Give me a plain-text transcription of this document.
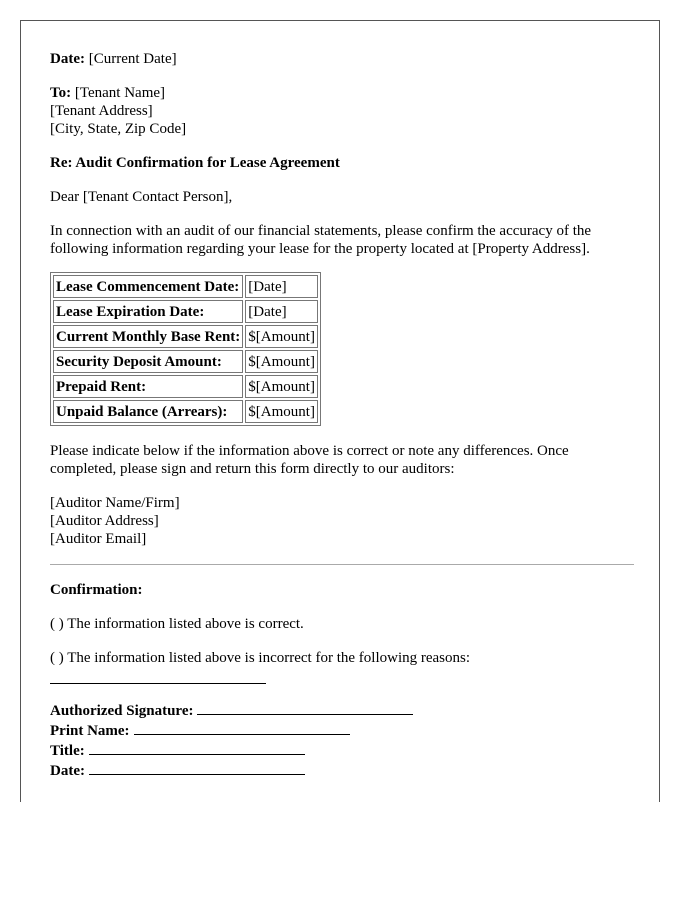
Date: [Current Date]

To: [Tenant Name]
[Tenant Address]
[City, State, Zip Code]

Re: Audit Confirmation for Lease Agreement

Dear [Tenant Contact Person],

In connection with an audit of our financial statements, please confirm the accuracy of the following information regarding your lease for the property located at [Property Address].

Lease Commencement Date:	[Date]
Lease Expiration Date:	[Date]
Current Monthly Base Rent:	$[Amount]
Security Deposit Amount:	$[Amount]
Prepaid Rent:	$[Amount]
Unpaid Balance (Arrears):	$[Amount]

Please indicate below if the information above is correct or note any differences. Once completed, please sign and return this form directly to our auditors:

[Auditor Name/Firm]
[Auditor Address]
[Auditor Email]

Confirmation:

( ) The information listed above is correct.

( ) The information listed above is incorrect for the following reasons:

Authorized Signature:
Print Name:
Title:
Date:
